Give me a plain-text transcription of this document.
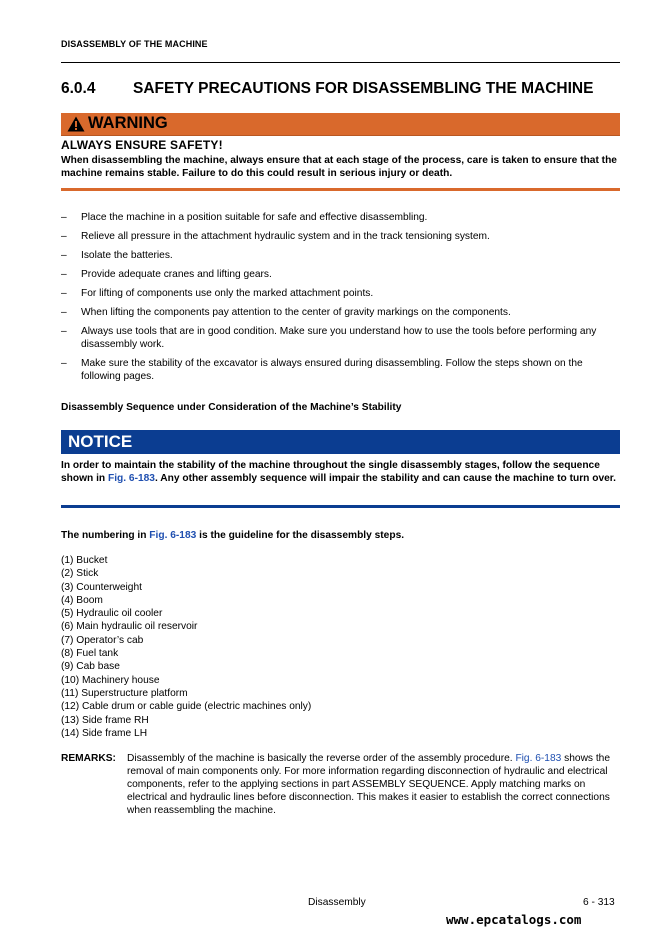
DISASSEMBLY OF THE MACHINE
6.0.4 SAFETY PRECAUTIONS FOR DISASSEMBLING THE MACHINE
WARNING
ALWAYS ENSURE SAFETY!
When disassembling the machine, always ensure that at each stage of the process, care is taken to ensure that the machine remains stable. Failure to do this could result in serious injury or death.
– Place the machine in a position suitable for safe and effective disassembling.
– Relieve all pressure in the attachment hydraulic system and in the track tensioning system.
– Isolate the batteries.
– Provide adequate cranes and lifting gears.
– For lifting of components use only the marked attachment points.
– When lifting the components pay attention to the center of gravity markings on the components.
– Always use tools that are in good condition. Make sure you understand how to use the tools before performing any disassembly work.
– Make sure the stability of the excavator is always ensured during disassembling. Follow the steps shown on the following pages.
Disassembly Sequence under Consideration of the Machine’s Stability
NOTICE
In order to maintain the stability of the machine throughout the single disassembly stages, follow the sequence shown in Fig. 6-183. Any other assembly sequence will impair the stability and can cause the machine to turn over.
The numbering in Fig. 6-183 is the guideline for the disassembly steps.
(1) Bucket
(2) Stick
(3) Counterweight
(4) Boom
(5) Hydraulic oil cooler
(6) Main hydraulic oil reservoir
(7) Operator’s cab
(8) Fuel tank
(9) Cab base
(10) Machinery house
(11) Superstructure platform
(12) Cable drum or cable guide (electric machines only)
(13) Side frame RH
(14) Side frame LH
REMARKS: Disassembly of the machine is basically the reverse order of the assembly procedure. Fig. 6-183 shows the removal of main components only. For more information regarding disconnection of hydraulic and electrical components, refer to the applying sections in part ASSEMBLY SEQUENCE. Apply matching marks on electrical and hydraulic lines before disconnection. This makes it easier to establish the correct connections when reassembling the machine.
Disassembly	6 - 313
www.epcatalogs.com
